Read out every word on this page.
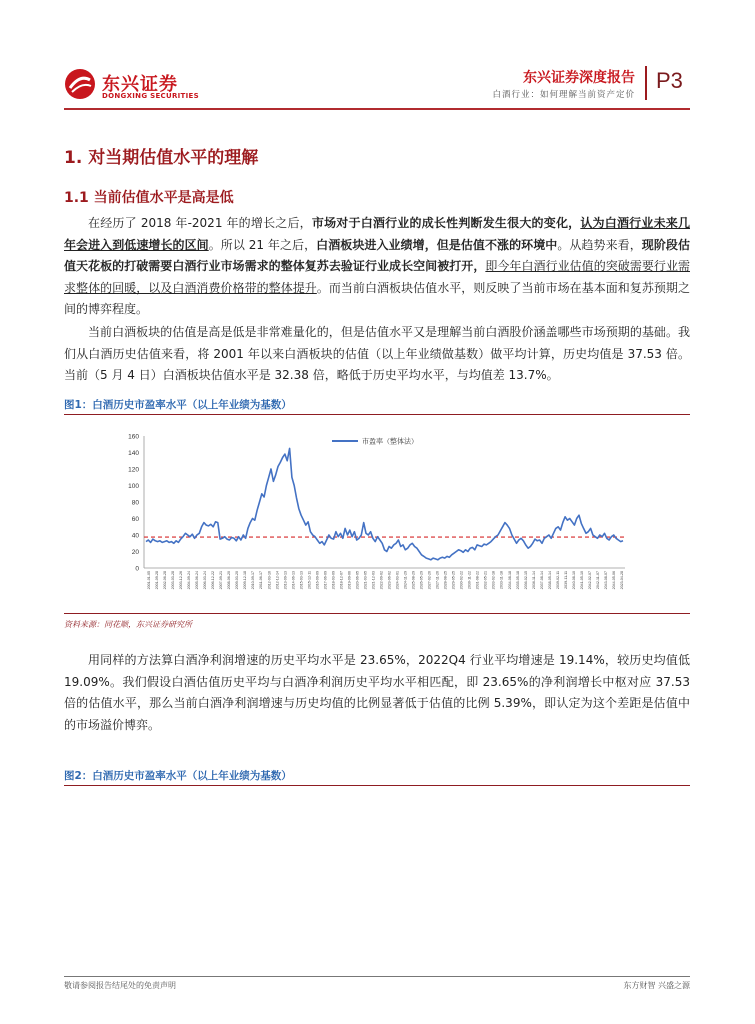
东兴证券
DONGXING SECURITIES
东兴证券深度报告
白酒行业：如何理解当前资产定价
P3
1. 对当期估值水平的理解
1.1 当前估值水平是高是低

在经历了 2018 年-2021 年的增长之后，市场对于白酒行业的成长性判断发生很大的变化，认为白酒行业未来几年会进入到低速增长的区间。所以 21 年之后，白酒板块进入业绩增，但是估值不涨的环境中。从趋势来看，现阶段估值天花板的打破需要白酒行业市场需求的整体复苏去验证行业成长空间被打开，即今年白酒行业估值的突破需要行业需求整体的回暖，以及白酒消费价格带的整体提升。而当前白酒板块估值水平，则反映了当前市场在基本面和复苏预期之间的博弈程度。

当前白酒板块的估值是高是低是非常难量化的，但是估值水平又是理解当前白酒股价涵盖哪些市场预期的基础。我们从白酒历史估值来看，将 2001 年以来白酒板块的估值（以上年业绩做基数）做平均计算，历史均值是 37.53 倍。当前（5 月 4 日）白酒板块估值水平是 32.38 倍，略低于历史平均水平，与均值差 13.7%。

图1：白酒历史市盈率水平（以上年业绩为基数）
0
20
40
60
80
100
120
140
160
2001-01-05 2001-09-28 2002-06-28 2003-03-28 2003-12-26 2004-09-24 2005-06-24 2006-03-24 2006-12-22 2007-09-21 2008-06-20 2009-03-20 2009-12-18 2010-09-17 2011-06-17 2012-03-16 2012-12-14 2013-09-13 2014-06-13 2015-03-13 2015-12-11 2016-09-09 2017-06-09 2018-03-09 2018-12-07 2019-09-06 2020-06-05 2021-03-05 2021-12-03 2022-09-02 2023-06-02 2024-03-01 2024-11-29 2025-08-29 2026-05-29 2027-02-26 2027-11-26 2028-08-25 2029-05-25 2030-02-22 2030-11-22 2031-08-22 2032-05-21 2033-02-18 2033-11-18 2034-08-18 2035-05-18 2036-02-15 2036-11-14 2037-08-14 2038-05-14 2039-02-11 2039-11-11 2040-08-10 2041-05-10 2042-02-07 2042-11-07 2043-08-07 2044-05-06 2023-04-28
市盈率（整体法）
资料来源：同花顺，东兴证券研究所

用同样的方法算白酒净利润增速的历史平均水平是 23.65%，2022Q4 行业平均增速是 19.14%，较历史均值低 19.09%。我们假设白酒估值历史平均与白酒净利润历史平均水平相匹配，即 23.65%的净利润增长中枢对应 37.53 倍的估值水平，那么当前白酒净利润增速与历史均值的比例显著低于估值的比例 5.39%，即认定为这个差距是估值中的市场溢价博弈。

图2：白酒历史市盈率水平（以上年业绩为基数）
敬请参阅报告结尾处的免责声明	东方财智 兴盛之源
